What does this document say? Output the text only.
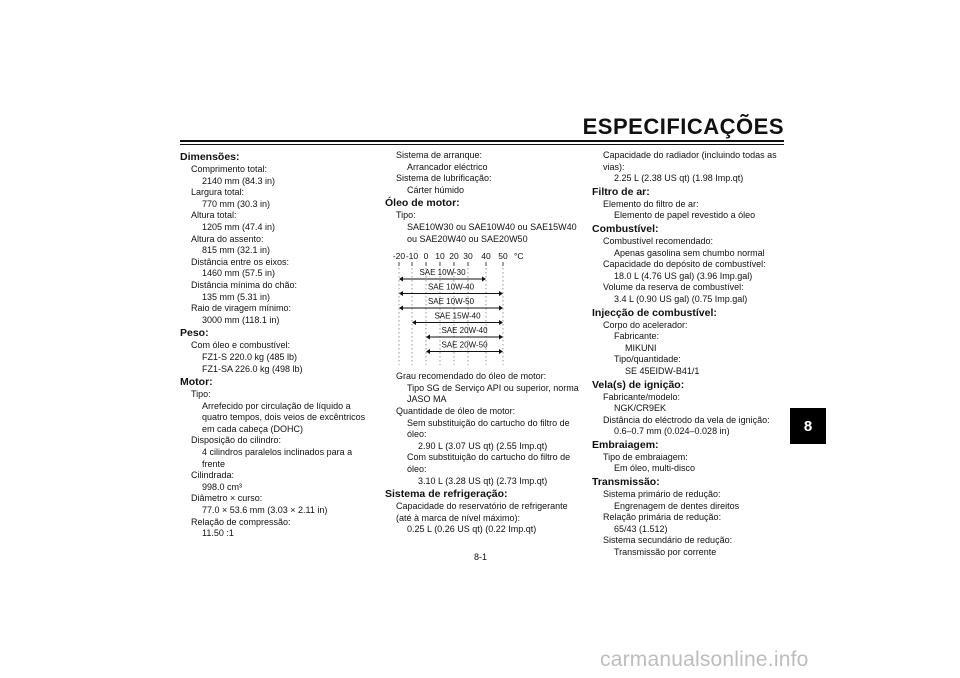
ESPECIFICAÇÕES
Dimensões:
Comprimento total:
2140 mm (84.3 in)
Largura total:
770 mm (30.3 in)
Altura total:
1205 mm (47.4 in)
Altura do assento:
815 mm (32.1 in)
Distância entre os eixos:
1460 mm (57.5 in)
Distância mínima do chão:
135 mm (5.31 in)
Raio de viragem mínimo:
3000 mm (118.1 in)
Peso:
Com óleo e combustível:
FZ1-S 220.0 kg (485 lb)
FZ1-SA 226.0 kg (498 lb)
Motor:
Tipo:
Arrefecido por circulação de líquido a
quatro tempos, dois veios de excêntricos
em cada cabeça (DOHC)
Disposição do cilindro:
4 cilindros paralelos inclinados para a
frente
Cilindrada:
998.0 cm³
Diâmetro × curso:
77.0 × 53.6 mm (3.03 × 2.11 in)
Relação de compressão:
11.50 :1
Sistema de arranque:
Arrancador eléctrico
Sistema de lubrificação:
Cárter húmido
Óleo de motor:
Tipo:
SAE10W30 ou SAE10W40 ou SAE15W40
ou SAE20W40 ou SAE20W50
-20 -10 0 10 20 30 40 50 °C
SAE 10W-30
SAE 10W-40
SAE 10W-50
SAE 15W-40
SAE 20W-40
SAE 20W-50
Grau recomendado do óleo de motor:
Tipo SG de Serviço API ou superior, norma
JASO MA
Quantidade de óleo de motor:
Sem substituição do cartucho do filtro de
óleo:
2.90 L (3.07 US qt) (2.55 Imp.qt)
Com substituição do cartucho do filtro de
óleo:
3.10 L (3.28 US qt) (2.73 Imp.qt)
Sistema de refrigeração:
Capacidade do reservatório de refrigerante
(até à marca de nível máximo):
0.25 L (0.26 US qt) (0.22 Imp.qt)
Capacidade do radiador (incluindo todas as
vias):
2.25 L (2.38 US qt) (1.98 Imp.qt)
Filtro de ar:
Elemento do filtro de ar:
Elemento de papel revestido a óleo
Combustível:
Combustível recomendado:
Apenas gasolina sem chumbo normal
Capacidade do depósito de combustível:
18.0 L (4.76 US gal) (3.96 Imp.gal)
Volume da reserva de combustível:
3.4 L (0.90 US gal) (0.75 Imp.gal)
Injecção de combustível:
Corpo do acelerador:
Fabricante:
MIKUNI
Tipo/quantidade:
SE 45EIDW-B41/1
Vela(s) de ignição:
Fabricante/modelo:
NGK/CR9EK
Distância do eléctrodo da vela de ignição:
0.6–0.7 mm (0.024–0.028 in)
Embraiagem:
Tipo de embraiagem:
Em óleo, multi-disco
Transmissão:
Sistema primário de redução:
Engrenagem de dentes direitos
Relação primária de redução:
65/43 (1.512)
Sistema secundário de redução:
Transmissão por corrente
8
8-1
carmanualsonline.info
